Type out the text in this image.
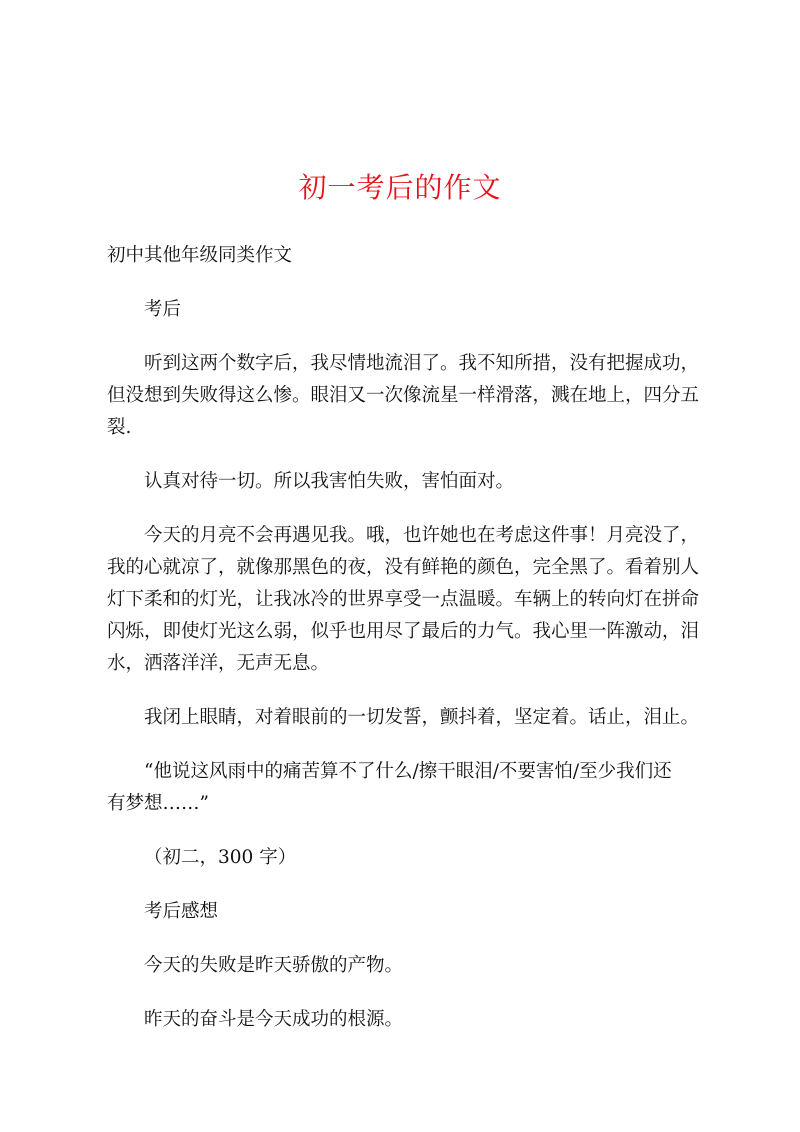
初一考后的作文

初中其他年级同类作文

考后

听到这两个数字后，我尽情地流泪了。我不知所措，没有把握成功，
但没想到失败得这么惨。眼泪又一次像流星一样滑落，溅在地上，四分五
裂.

认真对待一切。所以我害怕失败，害怕面对。

今天的月亮不会再遇见我。哦，也许她也在考虑这件事！月亮没了，
我的心就凉了，就像那黑色的夜，没有鲜艳的颜色，完全黑了。看着别人
灯下柔和的灯光，让我冰冷的世界享受一点温暖。车辆上的转向灯在拼命
闪烁，即使灯光这么弱，似乎也用尽了最后的力气。我心里一阵激动，泪
水，洒落洋洋，无声无息。

我闭上眼睛，对着眼前的一切发誓，颤抖着，坚定着。话止，泪止。

“他说这风雨中的痛苦算不了什么/擦干眼泪/不要害怕/至少我们还
有梦想……”

（初二，300 字）

考后感想

今天的失败是昨天骄傲的产物。

昨天的奋斗是今天成功的根源。
